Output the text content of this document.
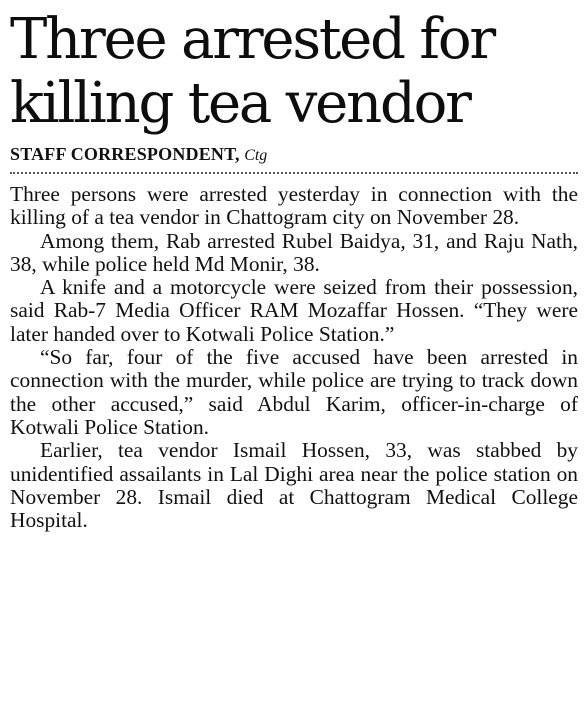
Three arrested for
killing tea vendor
STAFF CORRESPONDENT, Ctg

Three persons were arrested yesterday in connection with the killing of a tea vendor in Chattogram city on November 28.

Among them, Rab arrested Rubel Baidya, 31, and Raju Nath, 38, while police held Md Monir, 38.

A knife and a motorcycle were seized from their possession, said Rab-7 Media Officer RAM Mozaffar Hossen. “They were later handed over to Kotwali Police Station.”

“So far, four of the five accused have been arrested in connection with the murder, while police are trying to track down the other accused,” said Abdul Karim, officer-in-charge of Kotwali Police Station.

Earlier, tea vendor Ismail Hossen, 33, was stabbed by unidentified assailants in Lal Dighi area near the police station on November 28. Ismail died at Chattogram Medical College Hospital.
